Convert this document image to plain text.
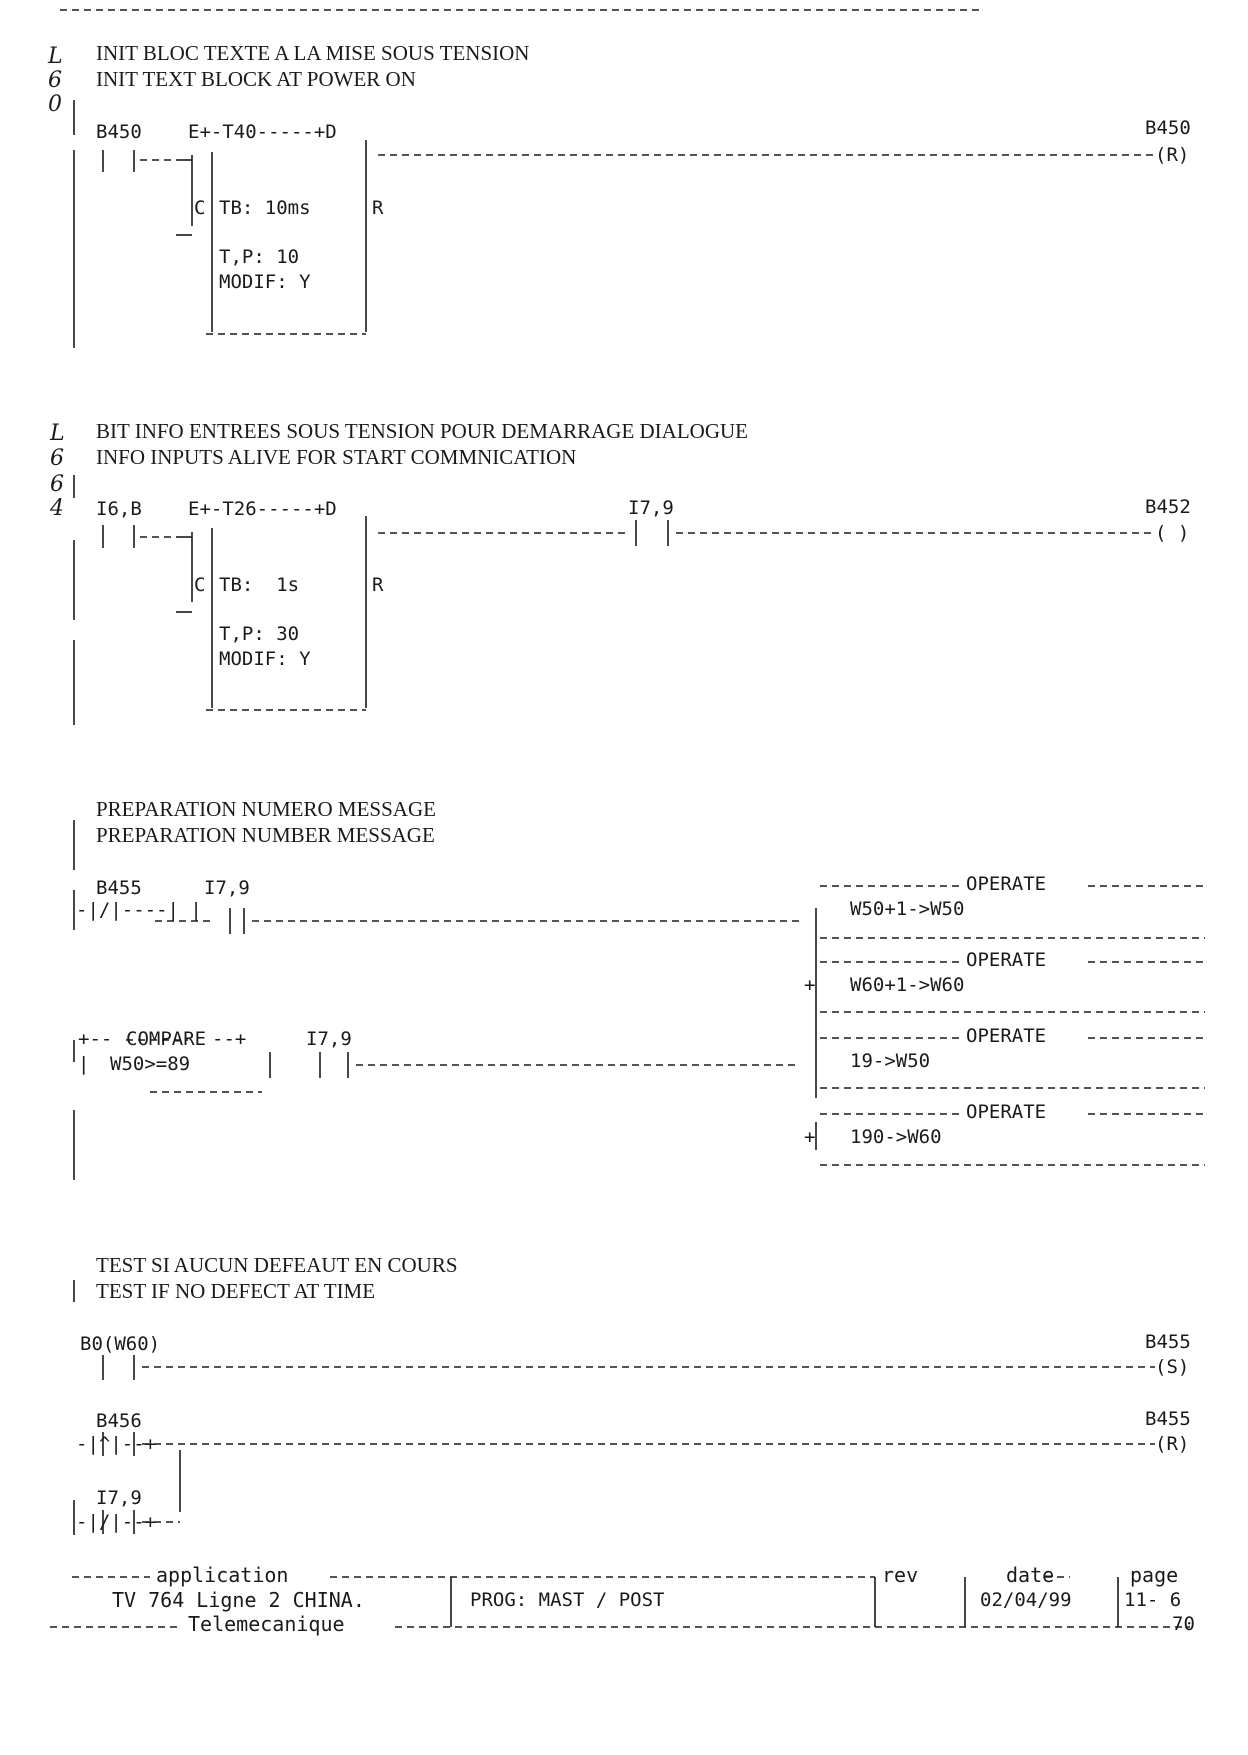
L
6
0
INIT BLOC TEXTE A LA MISE SOUS TENSION
INIT TEXT BLOCK AT POWER ON
B450 E+-T40-----+D
C TB: 10ms	R
T,P: 10
MODIF: Y
B450
(R)
L
6
6
4
BIT INFO ENTREES SOUS TENSION POUR DEMARRAGE DIALOGUE
INFO INPUTS ALIVE FOR START COMMNICATION
I6,B E+-T26-----+D
C TB:  1s	R
T,P: 30
MODIF: Y
I7,9	B452
( )
PREPARATION NUMERO MESSAGE
PREPARATION NUMBER MESSAGE
B455
-|/|----| |
I7,9	OPERATE
W50+1->W50
OPERATE
W60+1->W60
+
+-- COMPARE --+
| W50>=89
I7,9	OPERATE
19->W50
OPERATE
190->W60
+
TEST SI AUCUN DEFEAUT EN COURS
TEST IF NO DEFECT AT TIME
B0(W60)	B455
(S)
B456
-|^|--+
B455
(R)
I7,9
-|/|--+
application	rev	date	page
TV 764 Ligne 2 CHINA.	PROG: MAST / POST	02/04/99	11- 6
Telemecanique	70
